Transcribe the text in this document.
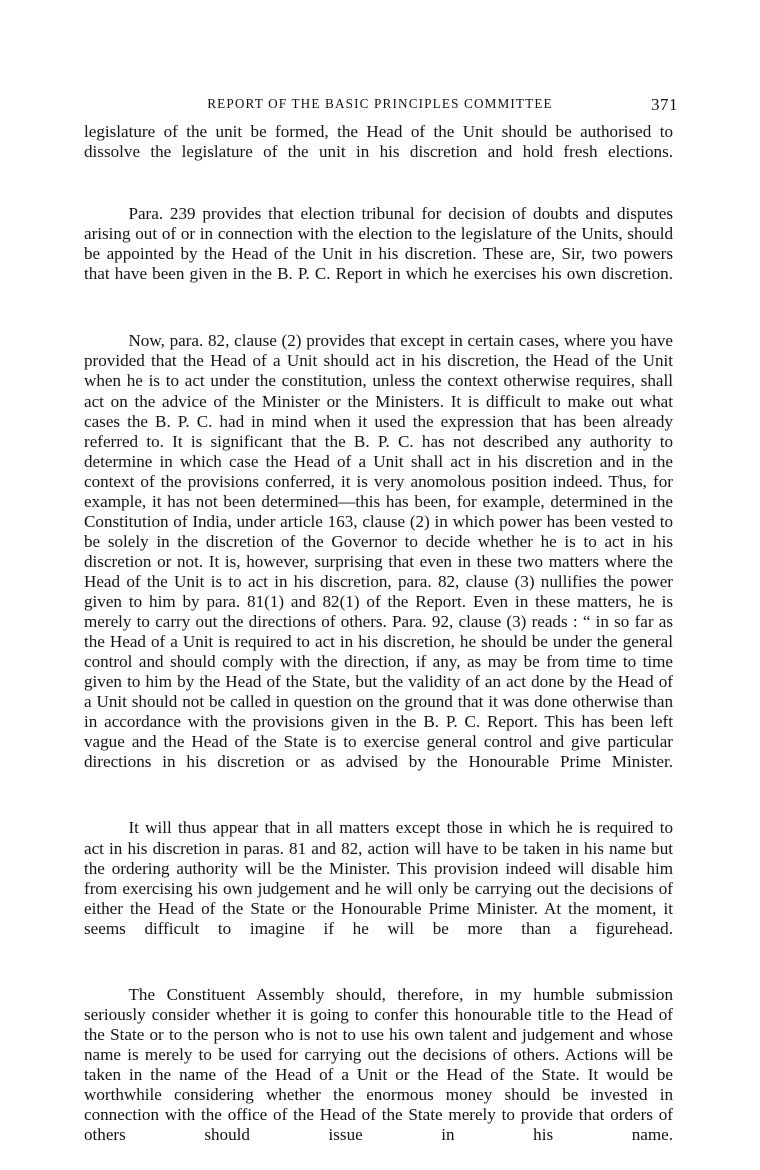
REPORT OF THE BASIC PRINCIPLES COMMITTEE	371

legislature of the unit be formed, the Head of the Unit should be authorised to dissolve the legislature of the unit in his discretion and hold fresh elections.

Para. 239 provides that election tribunal for decision of doubts and disputes arising out of or in connection with the election to the legislature of the Units, should be appointed by the Head of the Unit in his discretion. These are, Sir, two powers that have been given in the B. P. C. Report in which he exercises his own discretion.

Now, para. 82, clause (2) provides that except in certain cases, where you have provided that the Head of a Unit should act in his discretion, the Head of the Unit when he is to act under the constitution, unless the context otherwise requires, shall act on the advice of the Minister or the Ministers. It is difficult to make out what cases the B. P. C. had in mind when it used the expression that has been already referred to. It is significant that the B. P. C. has not described any authority to determine in which case the Head of a Unit shall act in his discretion and in the context of the provisions conferred, it is very anomolous position indeed. Thus, for example, it has not been determined—this has been, for example, determined in the Constitution of India, under article 163, clause (2) in which power has been vested to be solely in the discretion of the Governor to decide whether he is to act in his discretion or not. It is, however, surprising that even in these two matters where the Head of the Unit is to act in his discretion, para. 82, clause (3) nullifies the power given to him by para. 81(1) and 82(1) of the Report. Even in these matters, he is merely to carry out the directions of others. Para. 92, clause (3) reads : “ in so far as the Head of a Unit is required to act in his discretion, he should be under the general control and should comply with the direction, if any, as may be from time to time given to him by the Head of the State, but the validity of an act done by the Head of a Unit should not be called in question on the ground that it was done otherwise than in accordance with the provisions given in the B. P. C. Report. This has been left vague and the Head of the State is to exercise general control and give particular directions in his discretion or as advised by the Honourable Prime Minister.

It will thus appear that in all matters except those in which he is required to act in his discretion in paras. 81 and 82, action will have to be taken in his name but the ordering authority will be the Minister. This provision indeed will disable him from exercising his own judgement and he will only be carrying out the decisions of either the Head of the State or the Honourable Prime Minister. At the moment, it seems difficult to imagine if he will be more than a figurehead.

The Constituent Assembly should, therefore, in my humble submission seriously consider whether it is going to confer this honourable title to the Head of the State or to the person who is not to use his own talent and judgement and whose name is merely to be used for carrying out the decisions of others. Actions will be taken in the name of the Head of a Unit or the Head of the State. It would be worthwhile considering whether the enormous money should be invested in connection with the office of the Head of the State merely to provide that orders of others should issue in his name.
